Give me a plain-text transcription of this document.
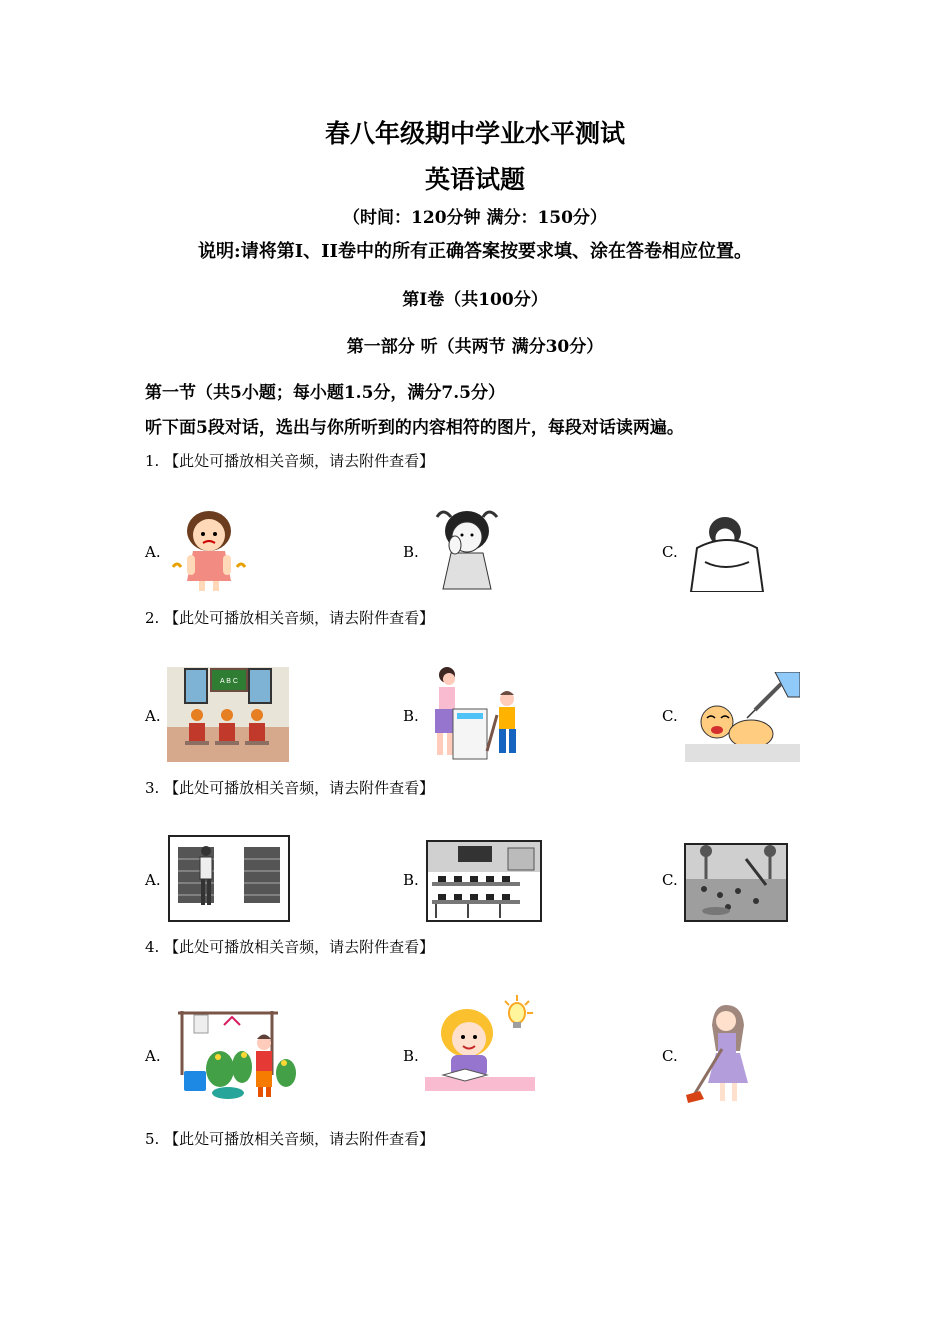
春八年级期中学业水平测试
英语试题
（时间：120分钟 满分：150分）
说明:请将第I、II卷中的所有正确答案按要求填、涂在答卷相应位置。
第I卷（共100分）
第一部分 听（共两节 满分30分）
第一节（共5小题；每小题1.5分，满分7.5分）
听下面5段对话，选出与你所听到的内容相符的图片，每段对话读两遍。
1. 【此处可播放相关音频，请去附件查看】
A.	B.	C.
2. 【此处可播放相关音频，请去附件查看】
A.	B.	C.
A B C
3. 【此处可播放相关音频，请去附件查看】
A.	B.	C.
4. 【此处可播放相关音频，请去附件查看】
A.	B.	C.
5. 【此处可播放相关音频，请去附件查看】
